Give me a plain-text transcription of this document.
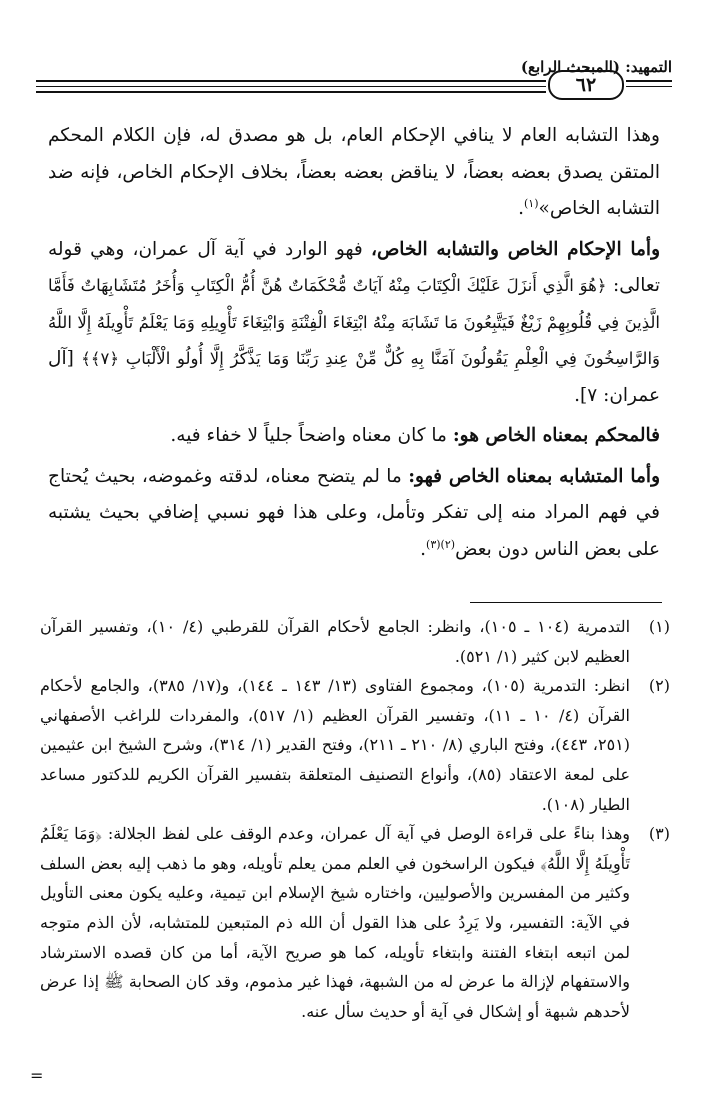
التمهيد: (المبحث الرابع)
٦٢

وهذا التشابه العام لا ينافي الإحكام العام، بل هو مصدق له، فإن الكلام المحكم المتقن يصدق بعضه بعضاً، لا يناقض بعضه بعضاً، بخلاف الإحكام الخاص، فإنه ضد التشابه الخاص»$^{(١)}$.

وأما الإحكام الخاص والتشابه الخاص، فهو الوارد في آية آل عمران، وهي قوله تعالى: ﴿هُوَ الَّذِي أَنزَلَ عَلَيْكَ الْكِتَابَ مِنْهُ آيَاتٌ مُّحْكَمَاتٌ هُنَّ أُمُّ الْكِتَابِ وَأُخَرُ مُتَشَابِهَاتٌ فَأَمَّا الَّذِينَ فِي قُلُوبِهِمْ زَيْغٌ فَيَتَّبِعُونَ مَا تَشَابَهَ مِنْهُ ابْتِغَاءَ الْفِتْنَةِ وَابْتِغَاءَ تَأْوِيلِهِ وَمَا يَعْلَمُ تَأْوِيلَهُ إِلَّا اللَّهُ وَالرَّاسِخُونَ فِي الْعِلْمِ يَقُولُونَ آمَنَّا بِهِ كُلٌّ مِّنْ عِندِ رَبِّنَا وَمَا يَذَّكَّرُ إِلَّا أُولُو الْأَلْبَابِ ﴿٧﴾﴾ [آل عمران: ٧].

فالمحكم بمعناه الخاص هو: ما كان معناه واضحاً جلياً لا خفاء فيه.

وأما المتشابه بمعناه الخاص فهو: ما لم يتضح معناه، لدقته وغموضه، بحيث يُحتاج في فهم المراد منه إلى تفكر وتأمل، وعلى هذا فهو نسبي إضافي بحيث يشتبه على بعض الناس دون بعض$^{(٢)(٣)}$.

(١)
التدمرية (١٠٤ ـ ١٠٥)، وانظر: الجامع لأحكام القرآن للقرطبي (٤/ ١٠)، وتفسير القرآن العظيم لابن كثير (١/ ٥٢١).
(٢)
انظر: التدمرية (١٠٥)، ومجموع الفتاوى (١٣/ ١٤٣ ـ ١٤٤)، و(١٧/ ٣٨٥)، والجامع لأحكام القرآن (٤/ ١٠ ـ ١١)، وتفسير القرآن العظيم (١/ ٥١٧)، والمفردات للراغب الأصفهاني (٢٥١، ٤٤٣)، وفتح الباري (٨/ ٢١٠ ـ ٢١١)، وفتح القدير (١/ ٣١٤)، وشرح الشيخ ابن عثيمين على لمعة الاعتقاد (٨٥)، وأنواع التصنيف المتعلقة بتفسير القرآن الكريم للدكتور مساعد الطيار (١٠٨).
(٣)
وهذا بناءً على قراءة الوصل في آية آل عمران، وعدم الوقف على لفظ الجلالة: ﴿وَمَا يَعْلَمُ تَأْوِيلَهُ إِلَّا اللَّهُ﴾ فيكون الراسخون في العلم ممن يعلم تأويله، وهو ما ذهب إليه بعض السلف وكثير من المفسرين والأصوليين، واختاره شيخ الإسلام ابن تيمية، وعليه يكون معنى التأويل في الآية: التفسير، ولا يَرِدُ على هذا القول أن الله ذم المتبعين للمتشابه، لأن الذم متوجه لمن اتبعه ابتغاء الفتنة وابتغاء تأويله، كما هو صريح الآية، أما من كان قصده الاسترشاد والاستفهام لإزالة ما عرض له من الشبهة، فهذا غير مذموم، وقد كان الصحابة ﷺ إذا عرض لأحدهم شبهة أو إشكال في آية أو حديث سأل عنه.
=
